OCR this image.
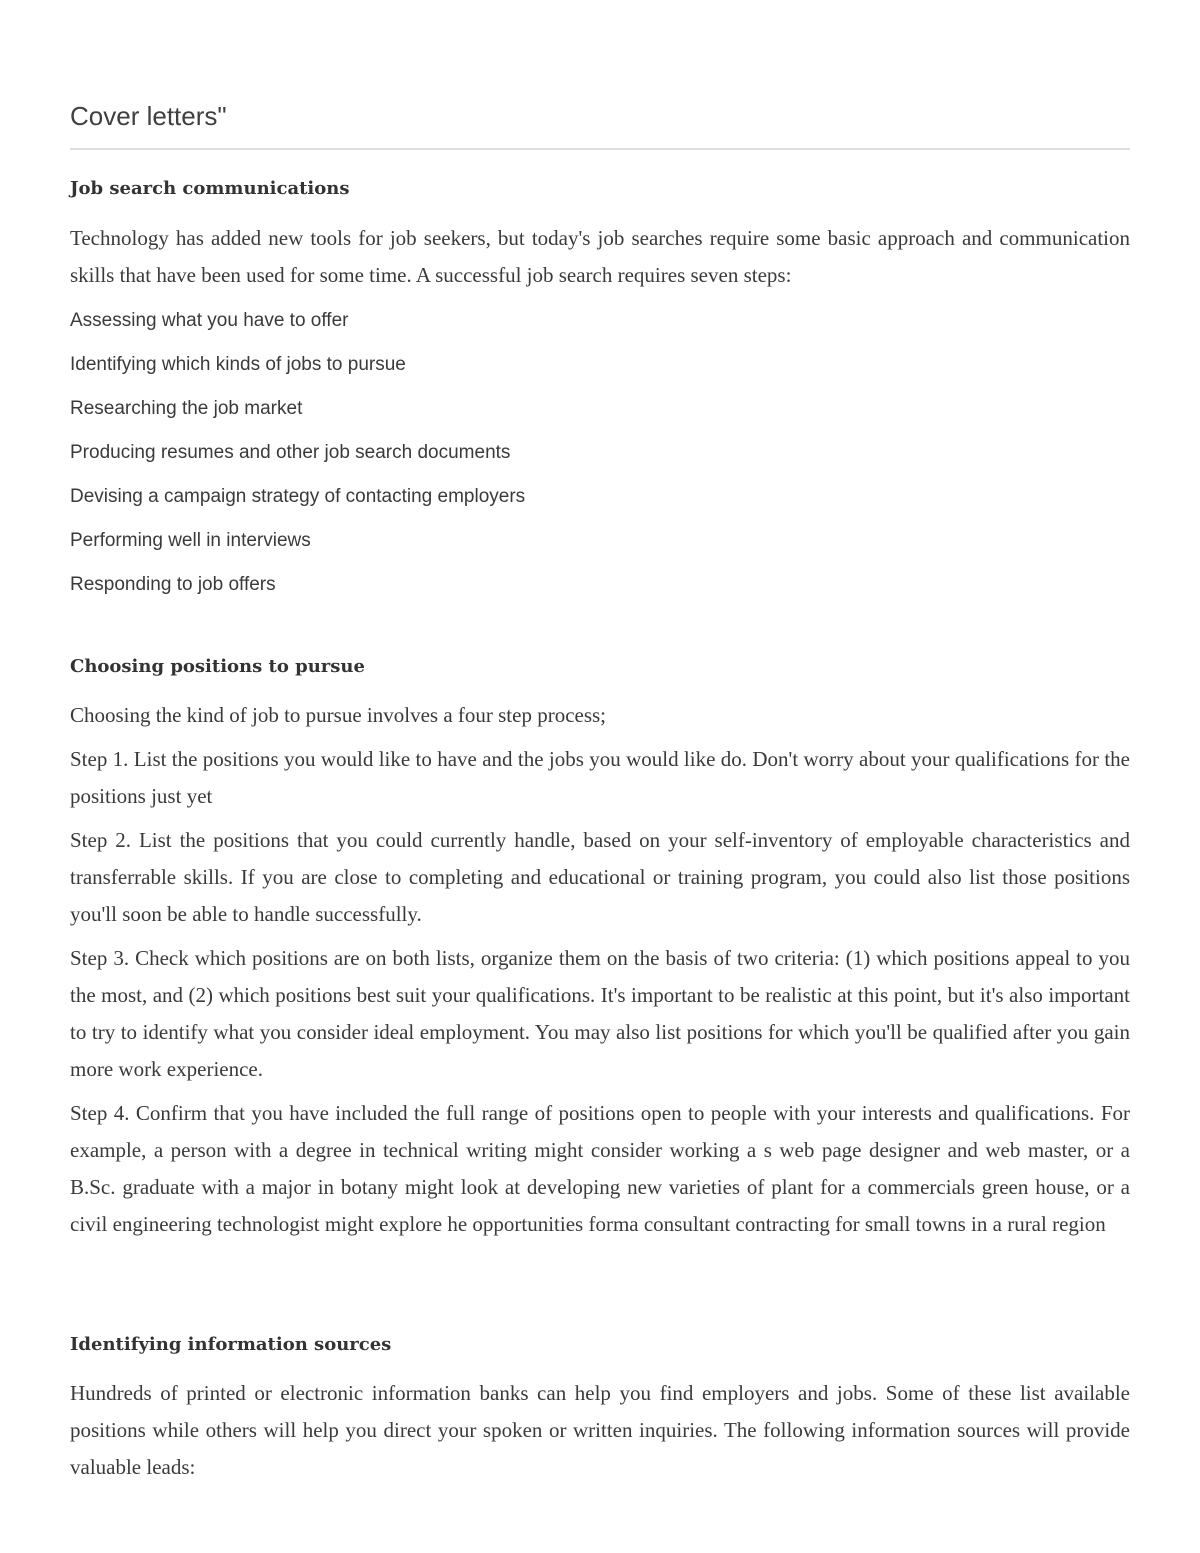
Cover letters"
Job search communications

Technology has added new tools for job seekers, but today's job searches require some basic approach and communication skills that have been used for some time. A successful job search requires seven steps:

Assessing what you have to offer
Identifying which kinds of jobs to pursue
Researching the job market
Producing resumes and other job search documents
Devising a campaign strategy of contacting employers
Performing well in interviews
Responding to job offers
Choosing positions to pursue

Choosing the kind of job to pursue involves a four step process;

Step 1. List the positions you would like to have and the jobs you would like do. Don't worry about your qualifications for the positions just yet

Step 2. List the positions that you could currently handle, based on your self-inventory of employable characteristics and transferrable skills. If you are close to completing and educational or training program, you could also list those positions you'll soon be able to handle successfully.

Step 3. Check which positions are on both lists, organize them on the basis of two criteria: (1) which positions appeal to you the most, and (2) which positions best suit your qualifications. It's important to be realistic at this point, but it's also important to try to identify what you consider ideal employment. You may also list positions for which you'll be qualified after you gain more work experience.

Step 4. Confirm that you have included the full range of positions open to people with your interests and qualifications. For example, a person with a degree in technical writing might consider working a s web page designer and web master, or a B.Sc. graduate with a major in botany might look at developing new varieties of plant for a commercials green house, or a civil engineering technologist might explore he opportunities forma consultant contracting for small towns in a rural region

Identifying information sources

Hundreds of printed or electronic information banks can help you find employers and jobs. Some of these list available positions while others will help you direct your spoken or written inquiries. The following information sources will provide valuable leads:
